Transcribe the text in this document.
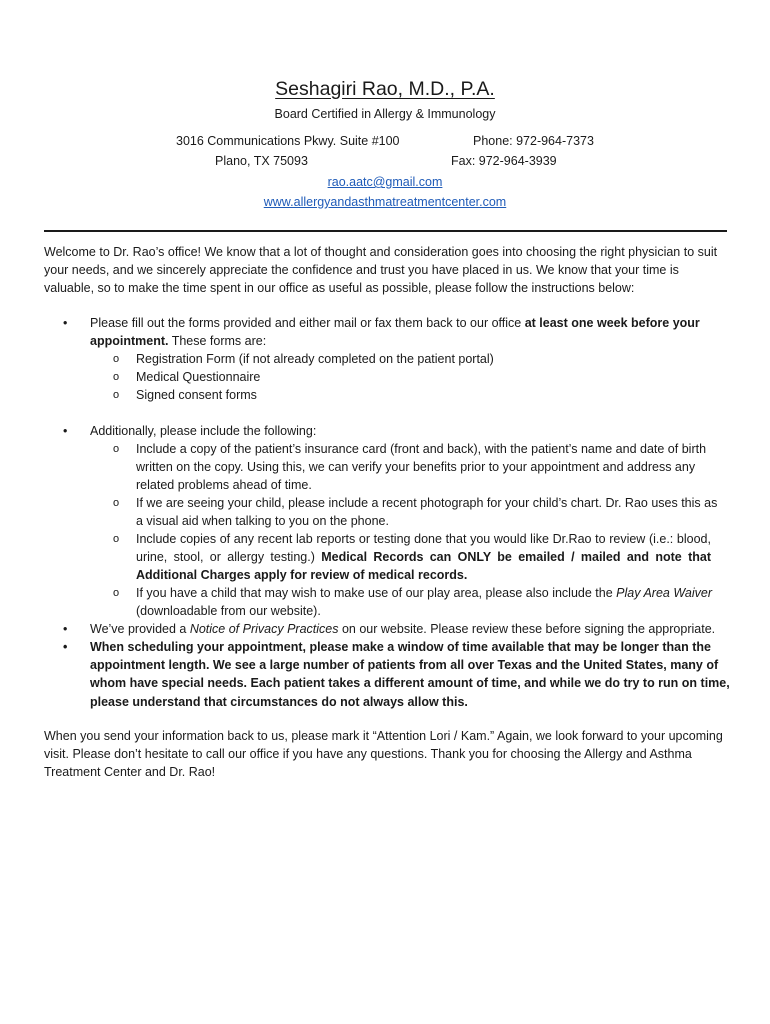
Seshagiri Rao, M.D., P.A.
Board Certified in Allergy & Immunology
3016 Communications Pkwy. Suite #100	Phone: 972-964-7373
Plano, TX 75093	Fax: 972-964-3939
rao.aatc@gmail.com
www.allergyandasthmatreatmentcenter.com

Welcome to Dr. Rao’s office! We know that a lot of thought and consideration goes into choosing the right physician to suit your needs, and we sincerely appreciate the confidence and trust you have placed in us. We know that your time is valuable, so to make the time spent in our office as useful as possible, please follow the instructions below:

• Please fill out the forms provided and either mail or fax them back to our office at least one week before your appointment. These forms are:
o Registration Form (if not already completed on the patient portal)
o Medical Questionnaire
o Signed consent forms
• Additionally, please include the following:
o Include a copy of the patient’s insurance card (front and back), with the patient’s name and date of birth written on the copy. Using this, we can verify your benefits prior to your appointment and address any related problems ahead of time.
o If we are seeing your child, please include a recent photograph for your child’s chart. Dr. Rao uses this as a visual aid when talking to you on the phone.
o Include copies of any recent lab reports or testing done that you would like Dr.Rao to review (i.e.: blood, urine, stool, or allergy testing.) Medical Records can ONLY be emailed / mailed and note that Additional Charges apply for review of medical records.
o If you have a child that may wish to make use of our play area, please also include the Play Area Waiver (downloadable from our website).
• We’ve provided a Notice of Privacy Practices on our website. Please review these before signing the appropriate.
• When scheduling your appointment, please make a window of time available that may be longer than the appointment length. We see a large number of patients from all over Texas and the United States, many of whom have special needs. Each patient takes a different amount of time, and while we do try to run on time, please understand that circumstances do not always allow this.

When you send your information back to us, please mark it “Attention Lori / Kam.” Again, we look forward to your upcoming visit. Please don’t hesitate to call our office if you have any questions. Thank you for choosing the Allergy and Asthma Treatment Center and Dr. Rao!
